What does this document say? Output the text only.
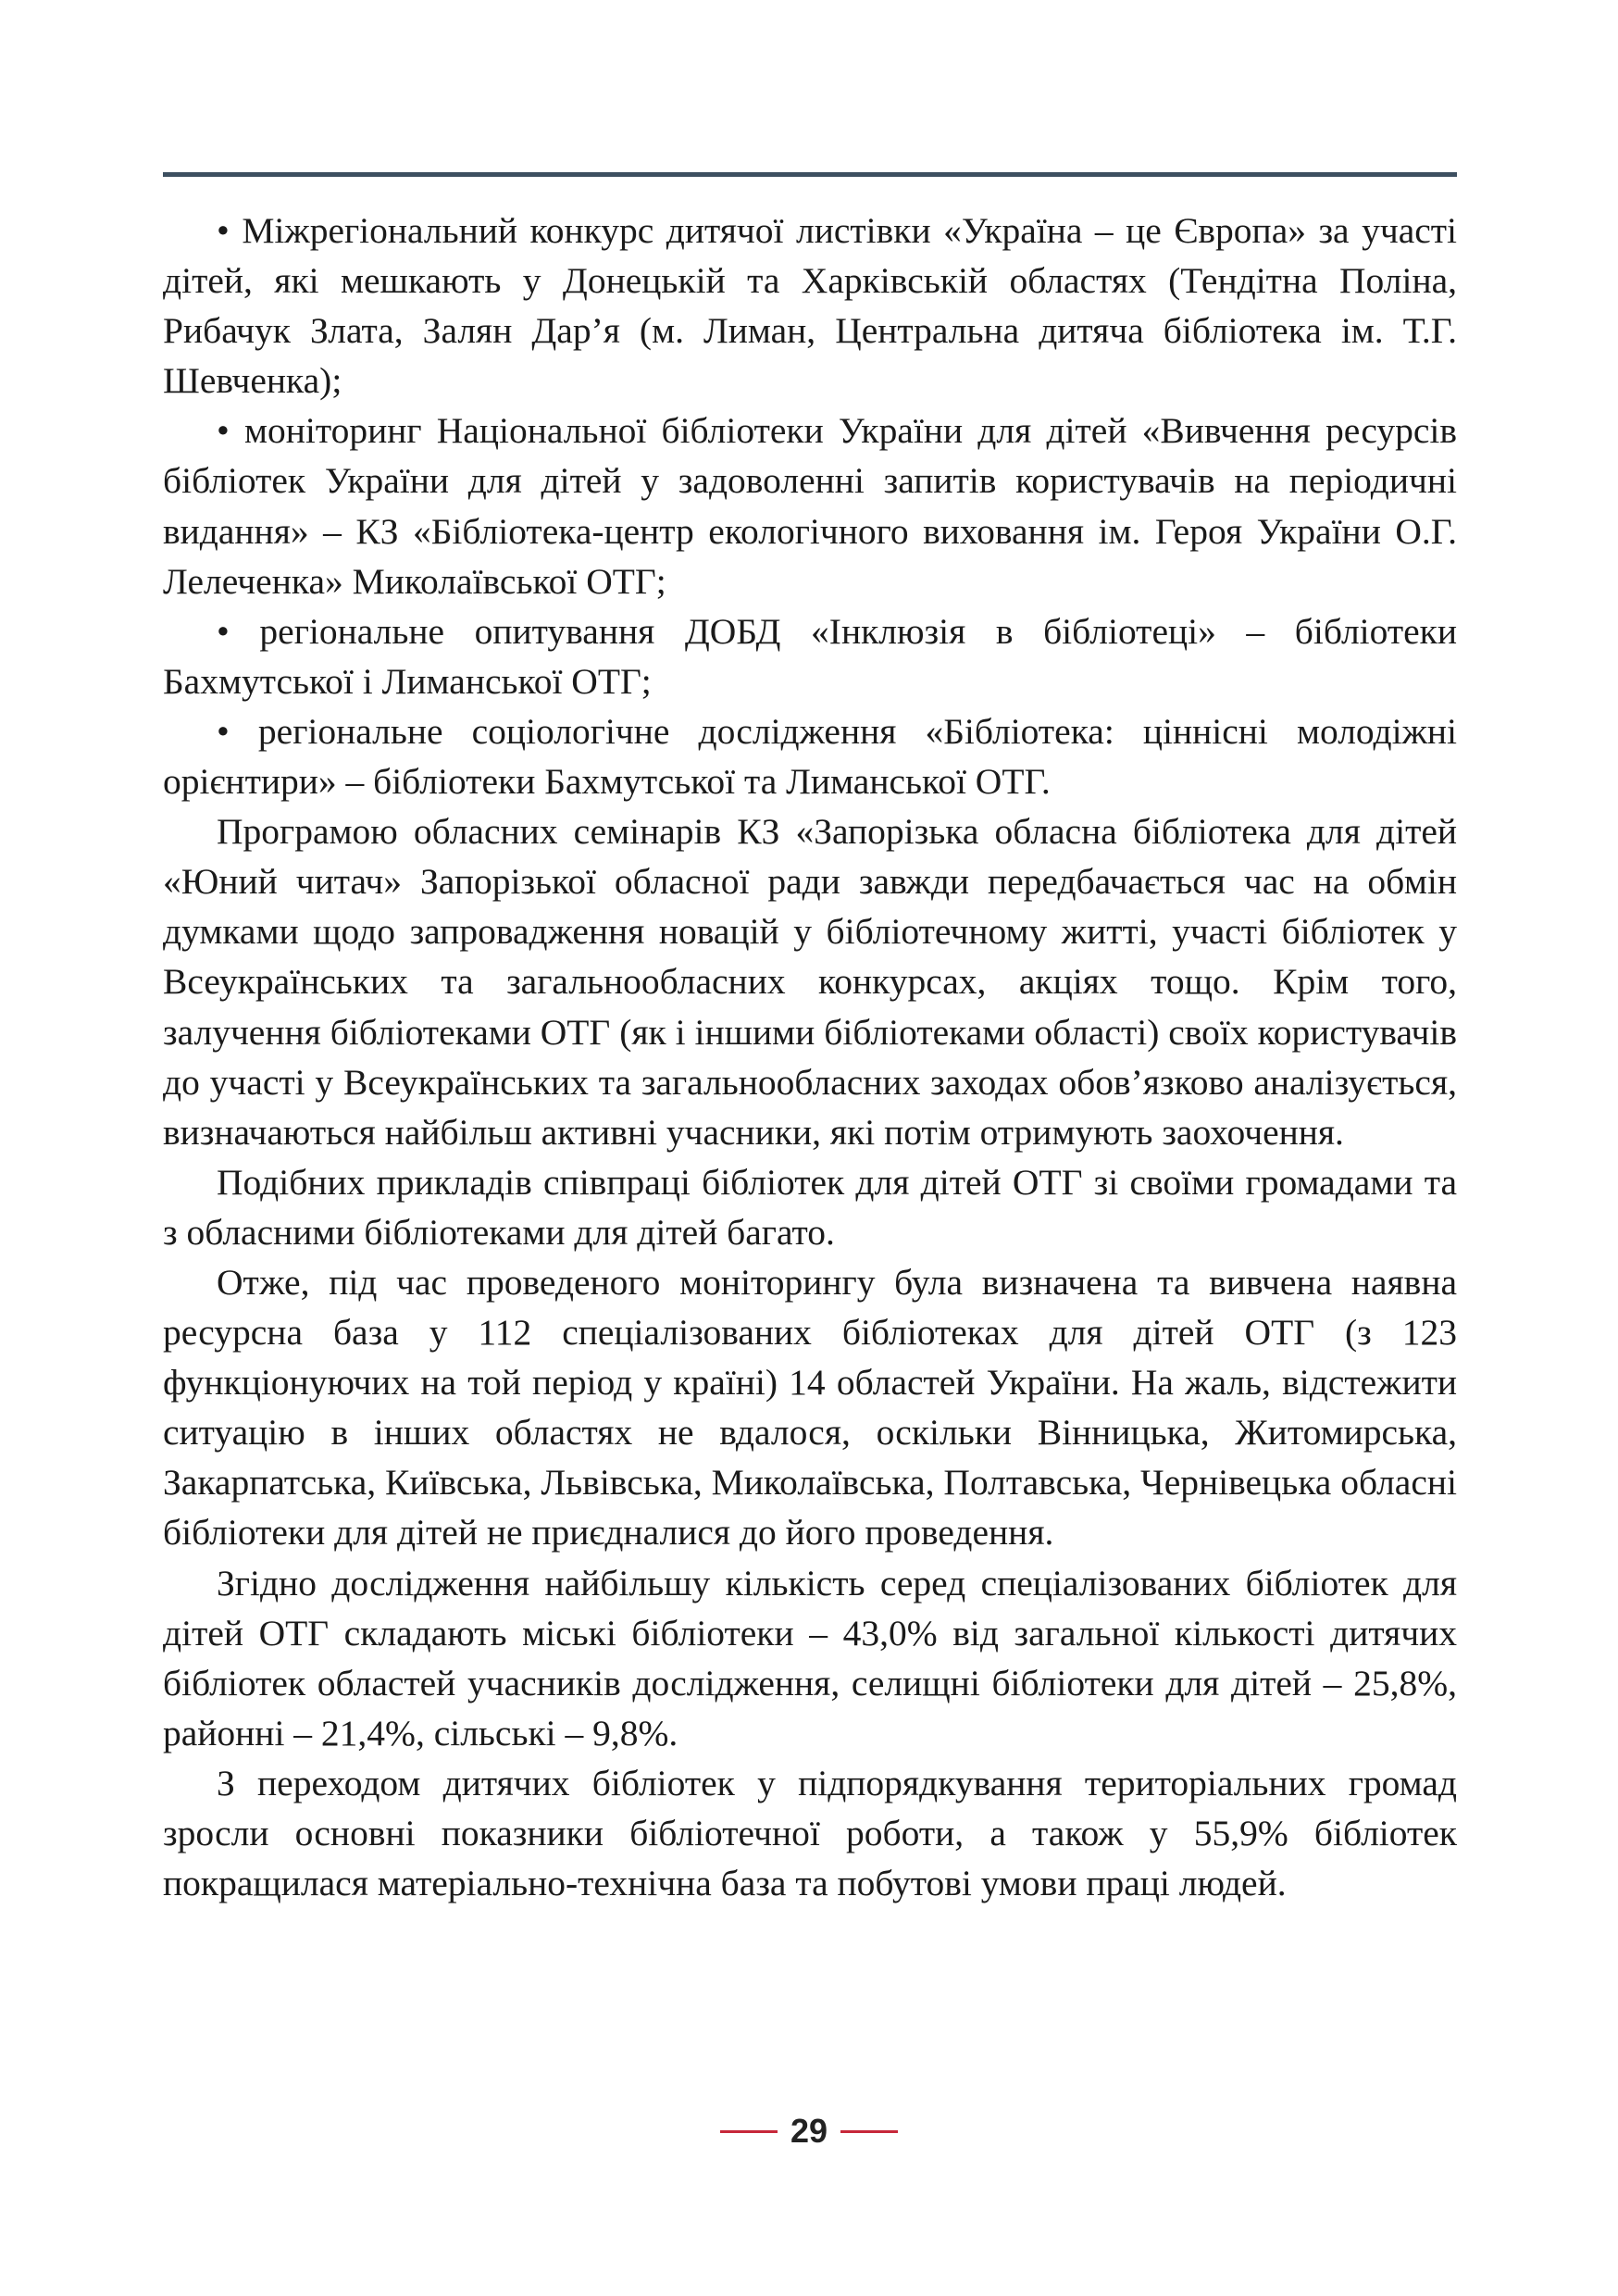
• Міжрегіональний конкурс дитячої листівки «Україна – це Європа» за участі дітей, які мешкають у Донецькій та Харківській областях (Тендітна Поліна, Рибачук Злата, Залян Дар’я (м. Лиман, Центральна дитяча бібліотека ім. Т.Г. Шевченка);

• моніторинг Національної бібліотеки України для дітей «Вивчення ресурсів бібліотек України для дітей у задоволенні запитів користувачів на періодичні видання» – КЗ «Бібліотека-центр екологічного виховання ім. Героя України О.Г. Лелеченка» Миколаївської ОТГ;

• регіональне опитування ДОБД «Інклюзія в бібліотеці» – бібліотеки Бахмутської і Лиманської ОТГ;

• регіональне соціологічне дослідження «Бібліотека: ціннісні молодіжні орієнтири» – бібліотеки Бахмутської та Лиманської ОТГ.

Програмою обласних семінарів КЗ «Запорізька обласна бібліотека для дітей «Юний читач» Запорізької обласної ради завжди передбачається час на обмін думками щодо запровадження новацій у бібліотечному житті, участі бібліотек у Всеукраїнських та загальнообласних конкурсах, акціях тощо. Крім того, залучення бібліотеками ОТГ (як і іншими бібліотеками області) своїх користувачів до участі у Всеукраїнських та загальнообласних заходах обов’язково аналізується, визначаються найбільш активні учасники, які потім отримують заохочення.

Подібних прикладів співпраці бібліотек для дітей ОТГ зі своїми громадами та з обласними бібліотеками для дітей багато.

Отже, під час проведеного моніторингу була визначена та вивчена наявна ресурсна база у 112 спеціалізованих бібліотеках для дітей ОТГ (з 123 функціонуючих на той період у країні) 14 областей України. На жаль, відстежити ситуацію в інших областях не вдалося, оскільки Вінницька, Житомирська, Закарпатська, Київська, Львівська, Миколаївська, Полтавська, Чернівецька обласні бібліотеки для дітей не приєдналися до його проведення.

Згідно дослідження найбільшу кількість серед спеціалізованих бібліотек для дітей ОТГ складають міські бібліотеки – 43,0% від загальної кількості дитячих бібліотек областей учасників дослідження, селищні бібліотеки для дітей – 25,8%, районні – 21,4%, сільські – 9,8%.

З переходом дитячих бібліотек у підпорядкування територіальних громад зросли основні показники бібліотечної роботи, а також у 55,9% бібліотек покращилася матеріально-технічна база та побутові умови праці людей.

29
